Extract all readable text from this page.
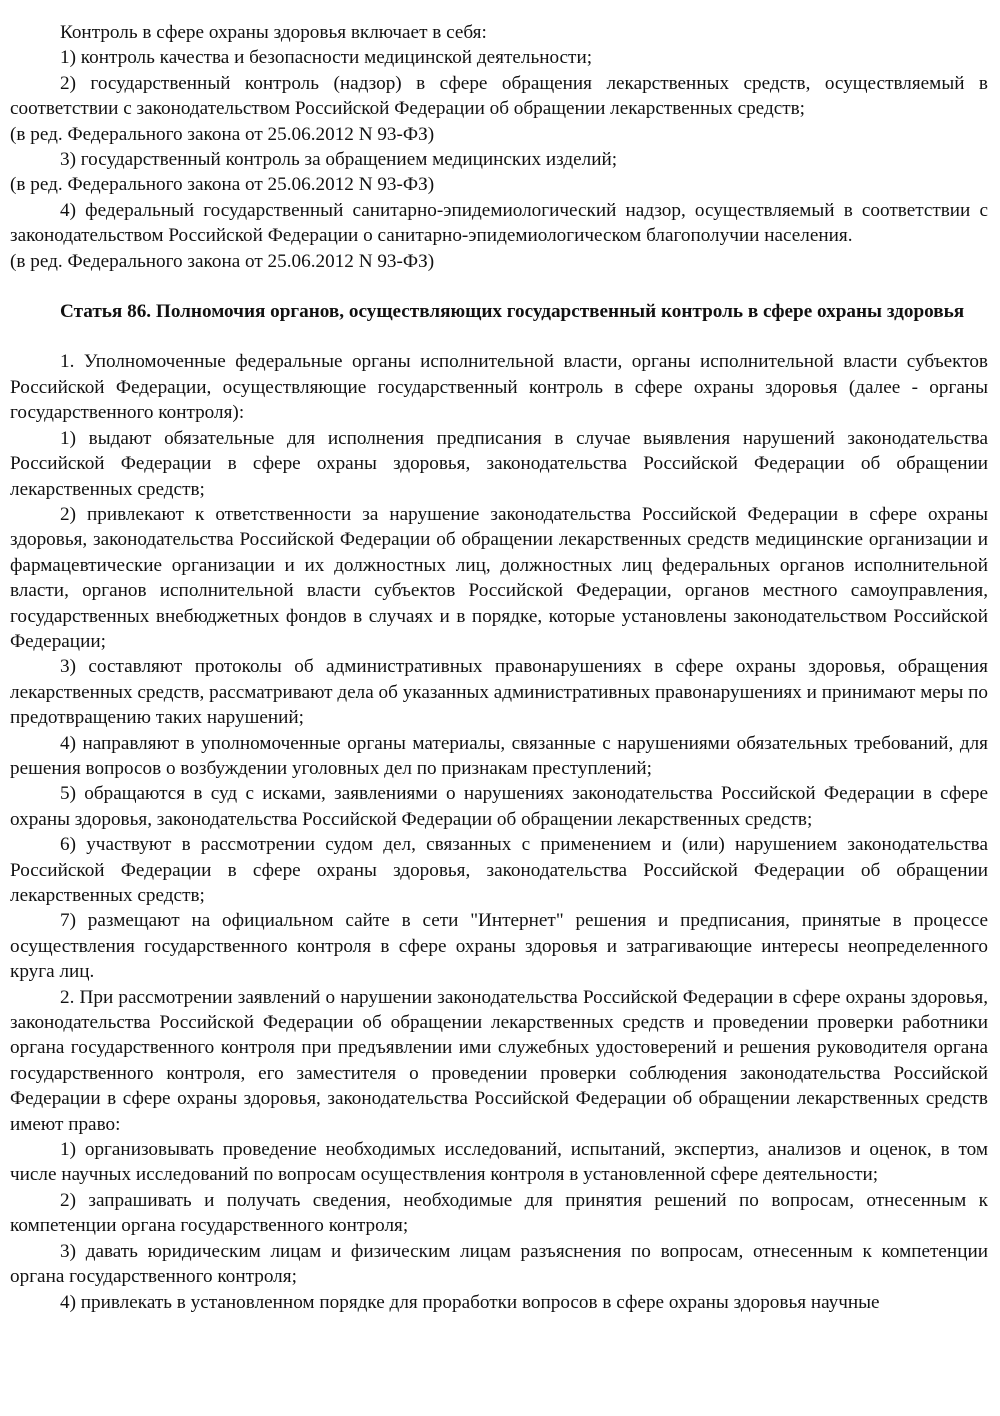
Контроль в сфере охраны здоровья включает в себя:

1) контроль качества и безопасности медицинской деятельности;

2) государственный контроль (надзор) в сфере обращения лекарственных средств, осуществляемый в соответствии с законодательством Российской Федерации об обращении лекарственных средств;

(в ред. Федерального закона от 25.06.2012 N 93-ФЗ)

3) государственный контроль за обращением медицинских изделий;

(в ред. Федерального закона от 25.06.2012 N 93-ФЗ)

4) федеральный государственный санитарно-эпидемиологический надзор, осуществляемый в соответствии с законодательством Российской Федерации о санитарно-эпидемиологическом благополучии населения.

(в ред. Федерального закона от 25.06.2012 N 93-ФЗ)

Статья 86. Полномочия органов, осуществляющих государственный контроль в сфере охраны здоровья

1. Уполномоченные федеральные органы исполнительной власти, органы исполнительной власти субъектов Российской Федерации, осуществляющие государственный контроль в сфере охраны здоровья (далее - органы государственного контроля):

1) выдают обязательные для исполнения предписания в случае выявления нарушений законодательства Российской Федерации в сфере охраны здоровья, законодательства Российской Федерации об обращении лекарственных средств;

2) привлекают к ответственности за нарушение законодательства Российской Федерации в сфере охраны здоровья, законодательства Российской Федерации об обращении лекарственных средств медицинские организации и фармацевтические организации и их должностных лиц, должностных лиц федеральных органов исполнительной власти, органов исполнительной власти субъектов Российской Федерации, органов местного самоуправления, государственных внебюджетных фондов в случаях и в порядке, которые установлены законодательством Российской Федерации;

3) составляют протоколы об административных правонарушениях в сфере охраны здоровья, обращения лекарственных средств, рассматривают дела об указанных административных правонарушениях и принимают меры по предотвращению таких нарушений;

4) направляют в уполномоченные органы материалы, связанные с нарушениями обязательных требований, для решения вопросов о возбуждении уголовных дел по признакам преступлений;

5) обращаются в суд с исками, заявлениями о нарушениях законодательства Российской Федерации в сфере охраны здоровья, законодательства Российской Федерации об обращении лекарственных средств;

6) участвуют в рассмотрении судом дел, связанных с применением и (или) нарушением законодательства Российской Федерации в сфере охраны здоровья, законодательства Российской Федерации об обращении лекарственных средств;

7) размещают на официальном сайте в сети "Интернет" решения и предписания, принятые в процессе осуществления государственного контроля в сфере охраны здоровья и затрагивающие интересы неопределенного круга лиц.

2. При рассмотрении заявлений о нарушении законодательства Российской Федерации в сфере охраны здоровья, законодательства Российской Федерации об обращении лекарственных средств и проведении проверки работники органа государственного контроля при предъявлении ими служебных удостоверений и решения руководителя органа государственного контроля, его заместителя о проведении проверки соблюдения законодательства Российской Федерации в сфере охраны здоровья, законодательства Российской Федерации об обращении лекарственных средств имеют право:

1) организовывать проведение необходимых исследований, испытаний, экспертиз, анализов и оценок, в том числе научных исследований по вопросам осуществления контроля в установленной сфере деятельности;

2) запрашивать и получать сведения, необходимые для принятия решений по вопросам, отнесенным к компетенции органа государственного контроля;

3) давать юридическим лицам и физическим лицам разъяснения по вопросам, отнесенным к компетенции органа государственного контроля;

4) привлекать в установленном порядке для проработки вопросов в сфере охраны здоровья научные
